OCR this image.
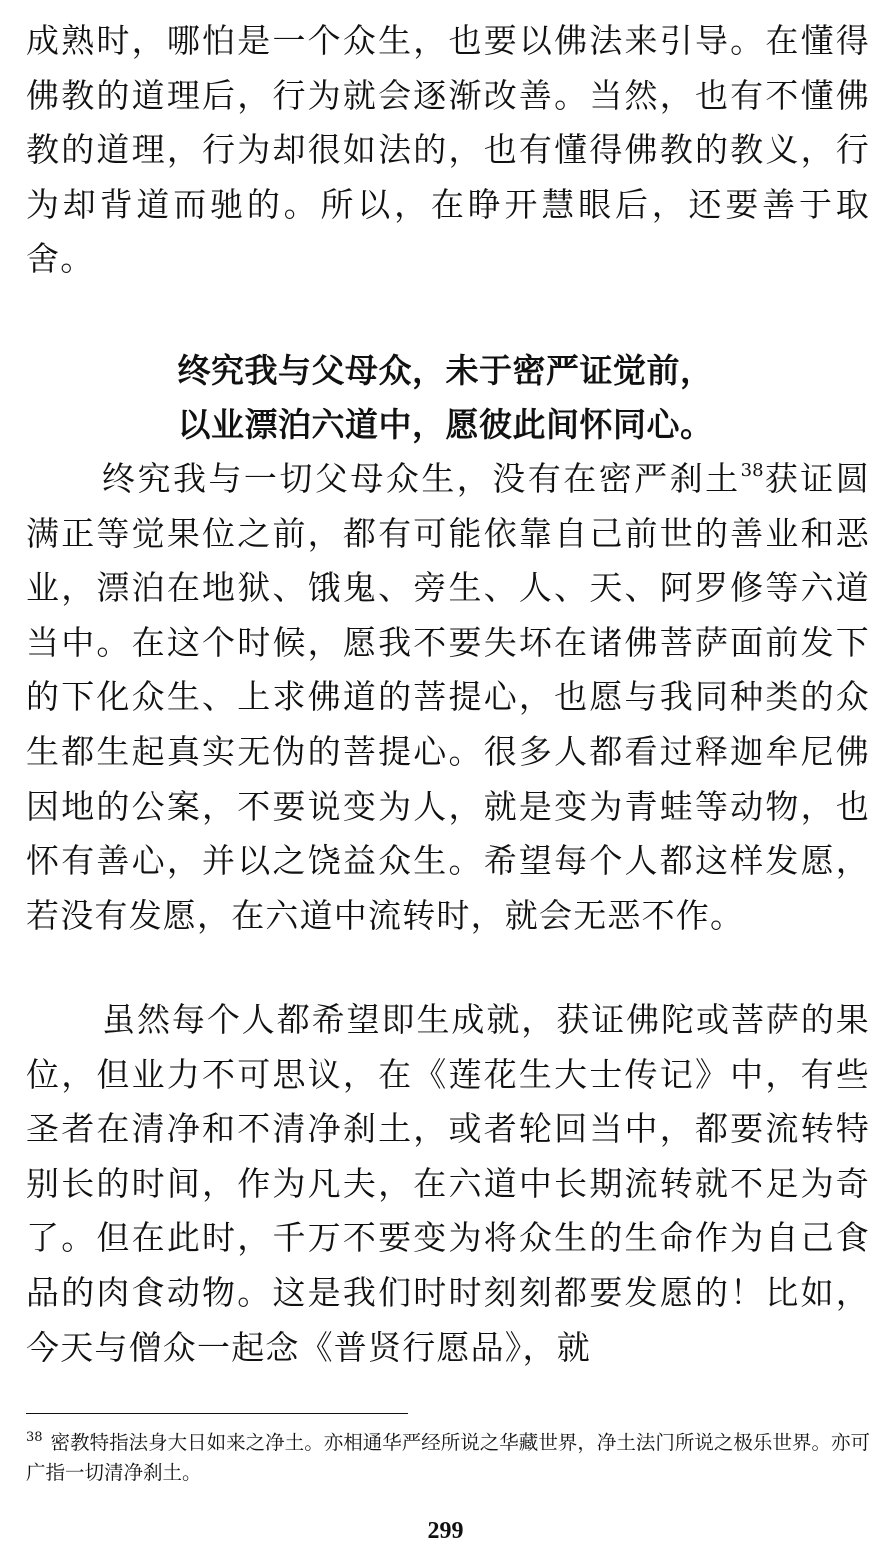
成熟时，哪怕是一个众生，也要以佛法来引导。在懂得佛教的道理后，行为就会逐渐改善。当然，也有不懂佛教的道理，行为却很如法的，也有懂得佛教的教义，行为却背道而驰的。所以，在睁开慧眼后，还要善于取舍。

终究我与父母众，未于密严证觉前，

以业漂泊六道中，愿彼此间怀同心。

终究我与一切父母众生，没有在密严刹土$^{38}$获证圆满正等觉果位之前，都有可能依靠自己前世的善业和恶业，漂泊在地狱、饿鬼、旁生、人、天、阿罗修等六道当中。在这个时候，愿我不要失坏在诸佛菩萨面前发下的下化众生、上求佛道的菩提心，也愿与我同种类的众生都生起真实无伪的菩提心。很多人都看过释迦牟尼佛因地的公案，不要说变为人，就是变为青蛙等动物，也怀有善心，并以之饶益众生。希望每个人都这样发愿，若没有发愿，在六道中流转时，就会无恶不作。

虽然每个人都希望即生成就，获证佛陀或菩萨的果位，但业力不可思议，在《莲花生大士传记》中，有些圣者在清净和不清净刹土，或者轮回当中，都要流转特别长的时间，作为凡夫，在六道中长期流转就不足为奇了。但在此时，千万不要变为将众生的生命作为自己食品的肉食动物。这是我们时时刻刻都要发愿的！比如，今天与僧众一起念《普贤行愿品》，就

$^{38}$ 密教特指法身大日如来之净土。亦相通华严经所说之华藏世界，净土法门所说之极乐世界。亦可广指一切清净刹土。

299
